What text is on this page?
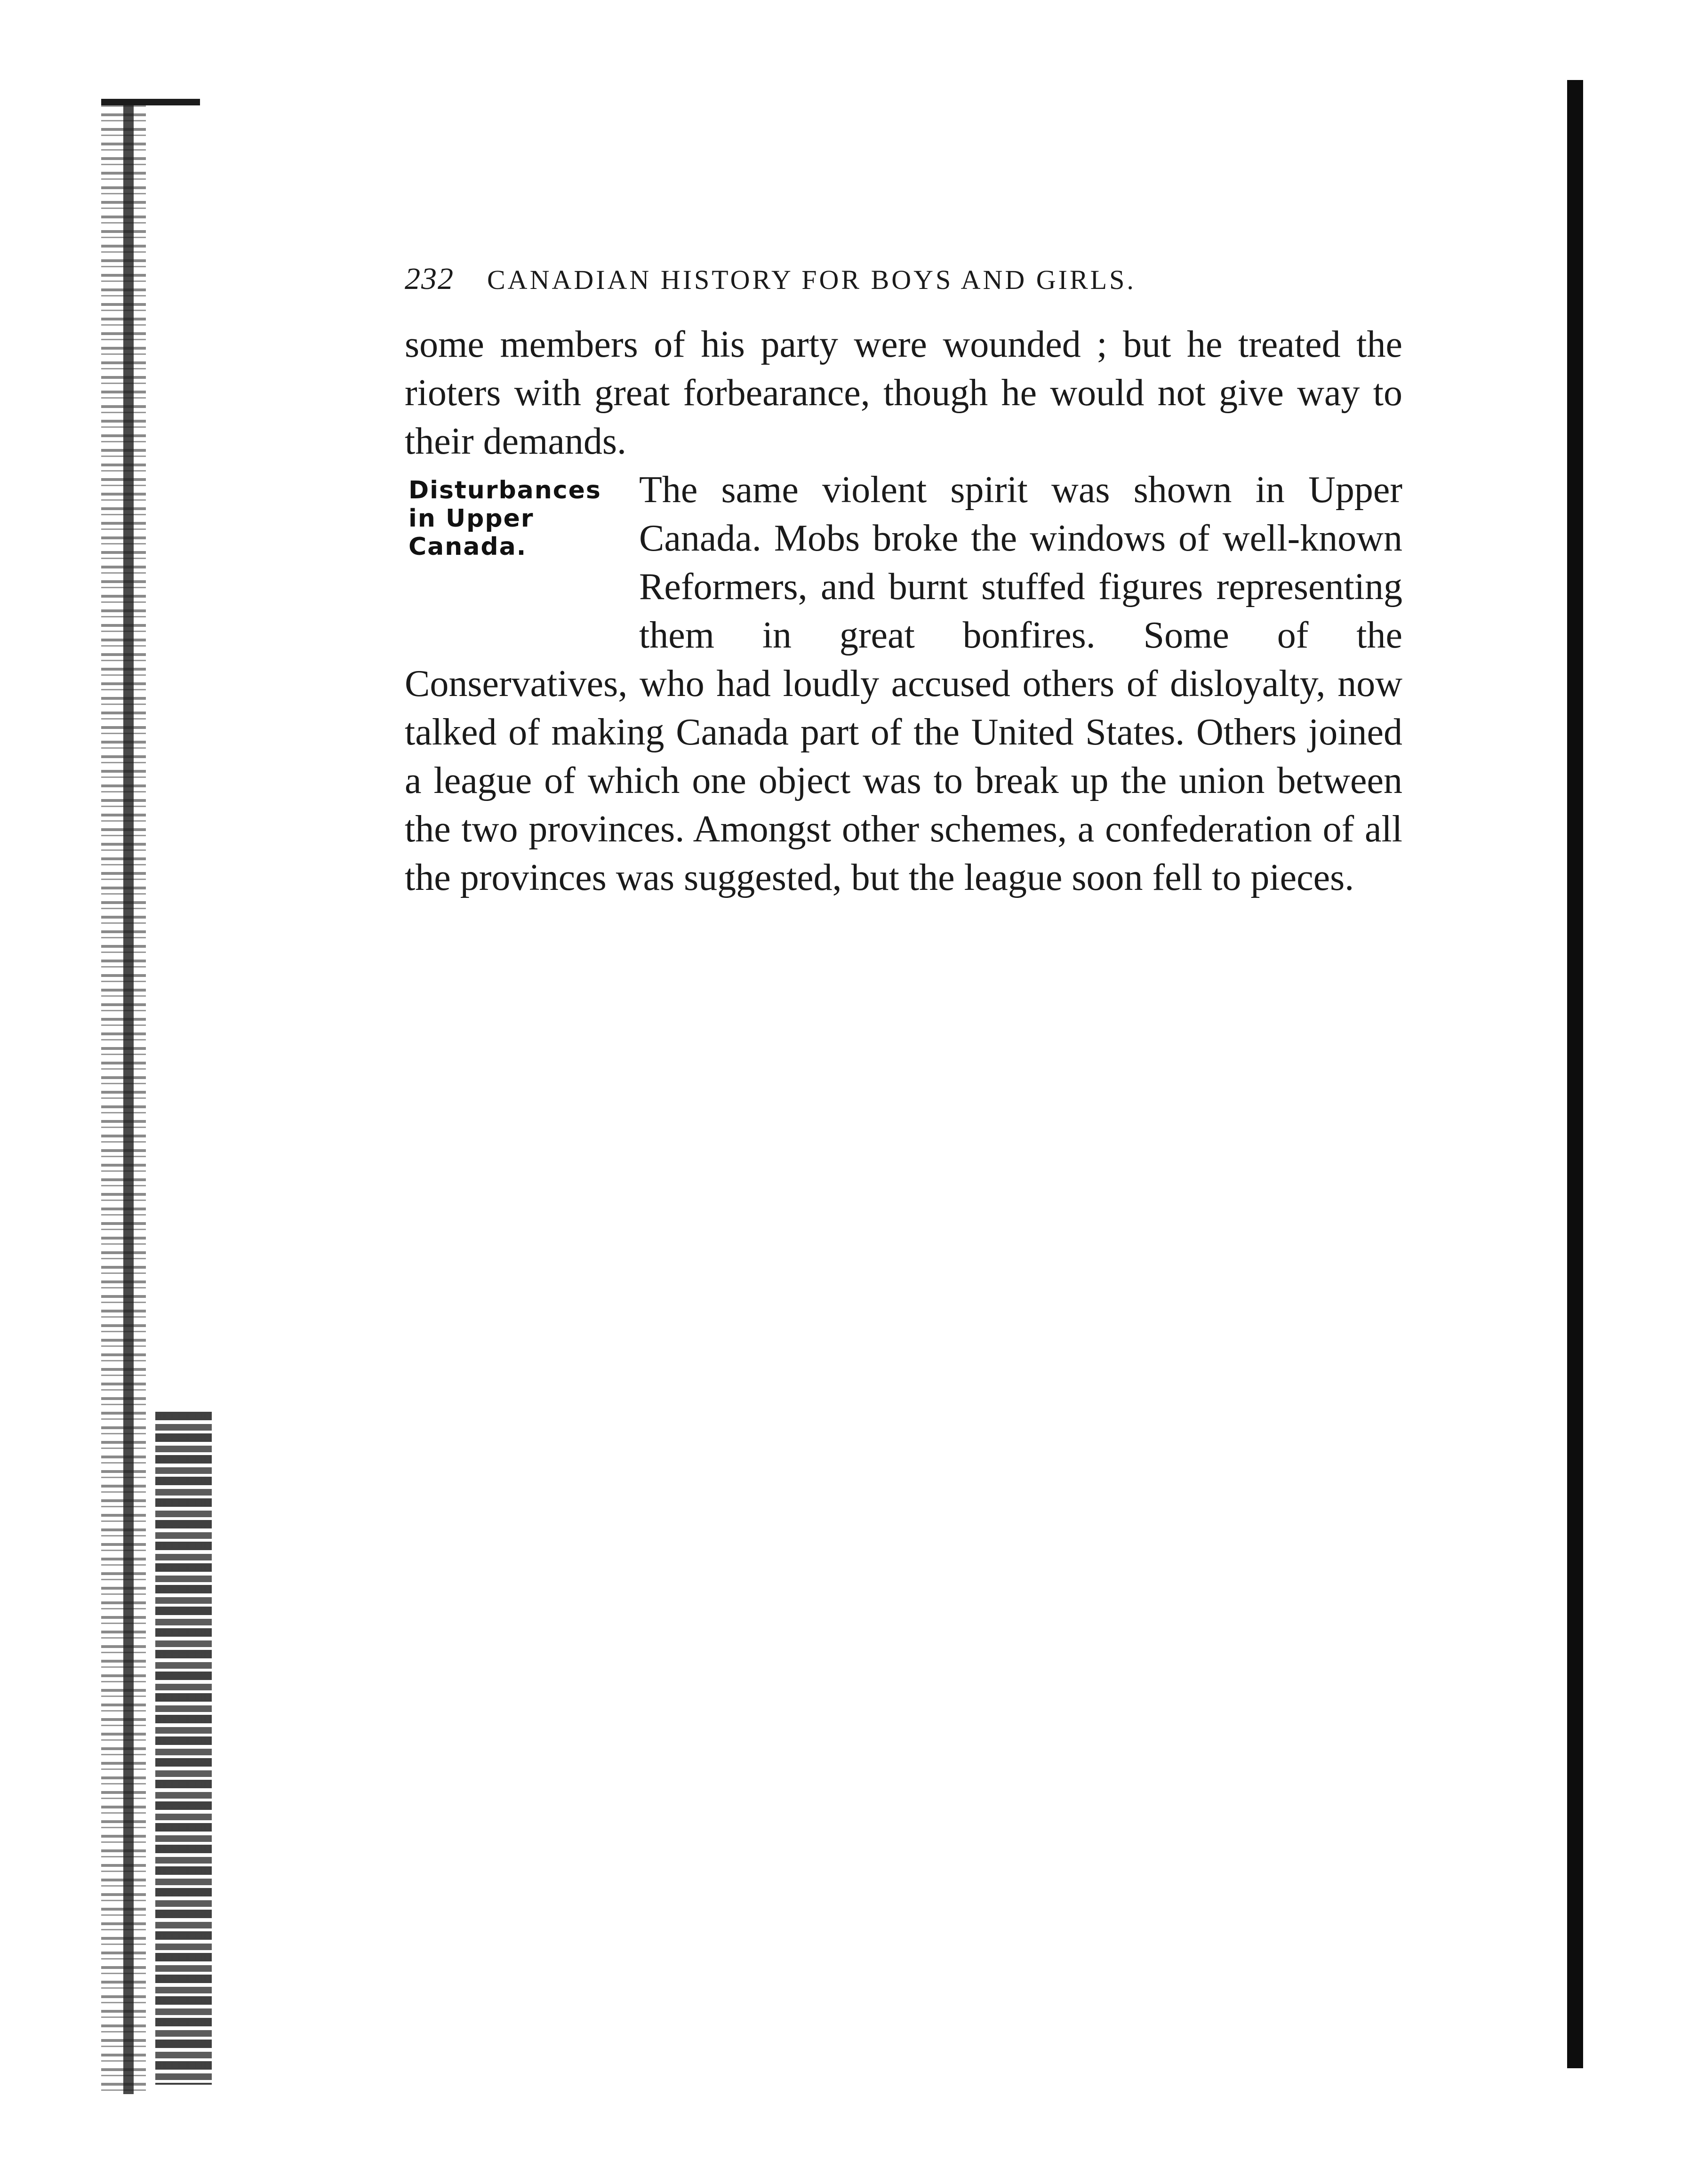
232 CANADIAN HISTORY FOR BOYS AND GIRLS.

some members of his party were wounded ; but he treated the rioters with great forbearance, though he would not give way to their demands.

Disturbances
in Upper
Canada.
The same violent spirit was shown in Upper Canada. Mobs broke the windows of well-known Reformers, and burnt stuffed figures representing them in great bonfires. Some of the Conservatives, who had loudly accused others of disloyalty, now talked of making Canada part of the United States. Others joined a league of which one object was to break up the union between the two provinces. Amongst other schemes, a confederation of all the provinces was suggested, but the league soon fell to pieces.
